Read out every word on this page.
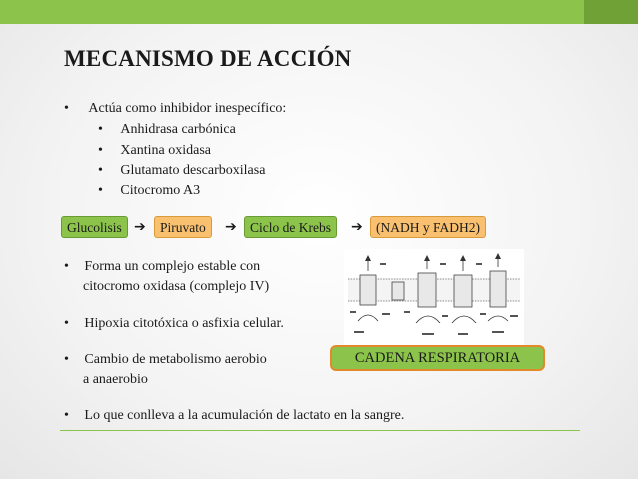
MECANISMO DE ACCIÓN
• Actúa como inhibidor inespecífico:
• Anhidrasa carbónica
• Xantina oxidasa
• Glutamato descarboxilasa
• Citocromo A3
Glucolisis ➔	Piruvato	➔ Ciclo de Krebs	➔ (NADH y FADH2)
• Forma un complejo estable con
citocromo oxidasa (complejo IV)
• Hipoxia citotóxica o asfixia celular.
• Cambio de metabolismo aerobio
a anaerobio
• Lo que conlleva a la acumulación de lactato en la sangre.
CADENA RESPIRATORIA
